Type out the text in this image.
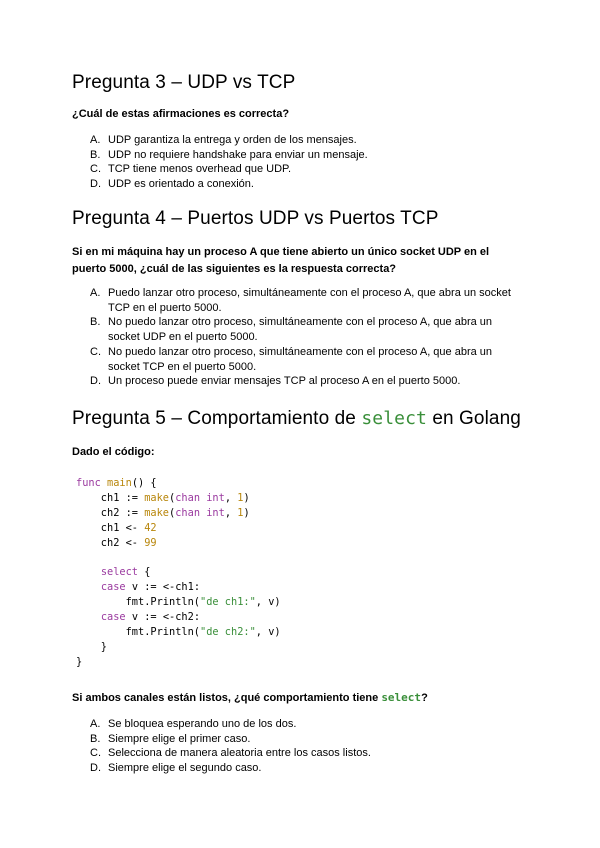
Pregunta 3 – UDP vs TCP

¿Cuál de estas afirmaciones es correcta?

A. UDP garantiza la entrega y orden de los mensajes.
B. UDP no requiere handshake para enviar un mensaje.
C. TCP tiene menos overhead que UDP.
D. UDP es orientado a conexión.
Pregunta 4 – Puertos UDP vs Puertos TCP

Si en mi máquina hay un proceso A que tiene abierto un único socket UDP en el puerto 5000, ¿cuál de las siguientes es la respuesta correcta?

A. Puedo lanzar otro proceso, simultáneamente con el proceso A, que abra un socket TCP en el puerto 5000.
B. No puedo lanzar otro proceso, simultáneamente con el proceso A, que abra un socket UDP en el puerto 5000.
C. No puedo lanzar otro proceso, simultáneamente con el proceso A, que abra un socket TCP en el puerto 5000.
D. Un proceso puede enviar mensajes TCP al proceso A en el puerto 5000.
Pregunta 5 – Comportamiento de select en Golang

Dado el código:

func main() {
ch1 := make(chan int, 1)
ch2 := make(chan int, 1)
ch1 <- 42
ch2 <- 99

select {
case v := <-ch1:
fmt.Println("de ch1:", v)
case v := <-ch2:
fmt.Println("de ch2:", v)
}
}

Si ambos canales están listos, ¿qué comportamiento tiene select?

A. Se bloquea esperando uno de los dos.
B. Siempre elige el primer caso.
C. Selecciona de manera aleatoria entre los casos listos.
D. Siempre elige el segundo caso.
